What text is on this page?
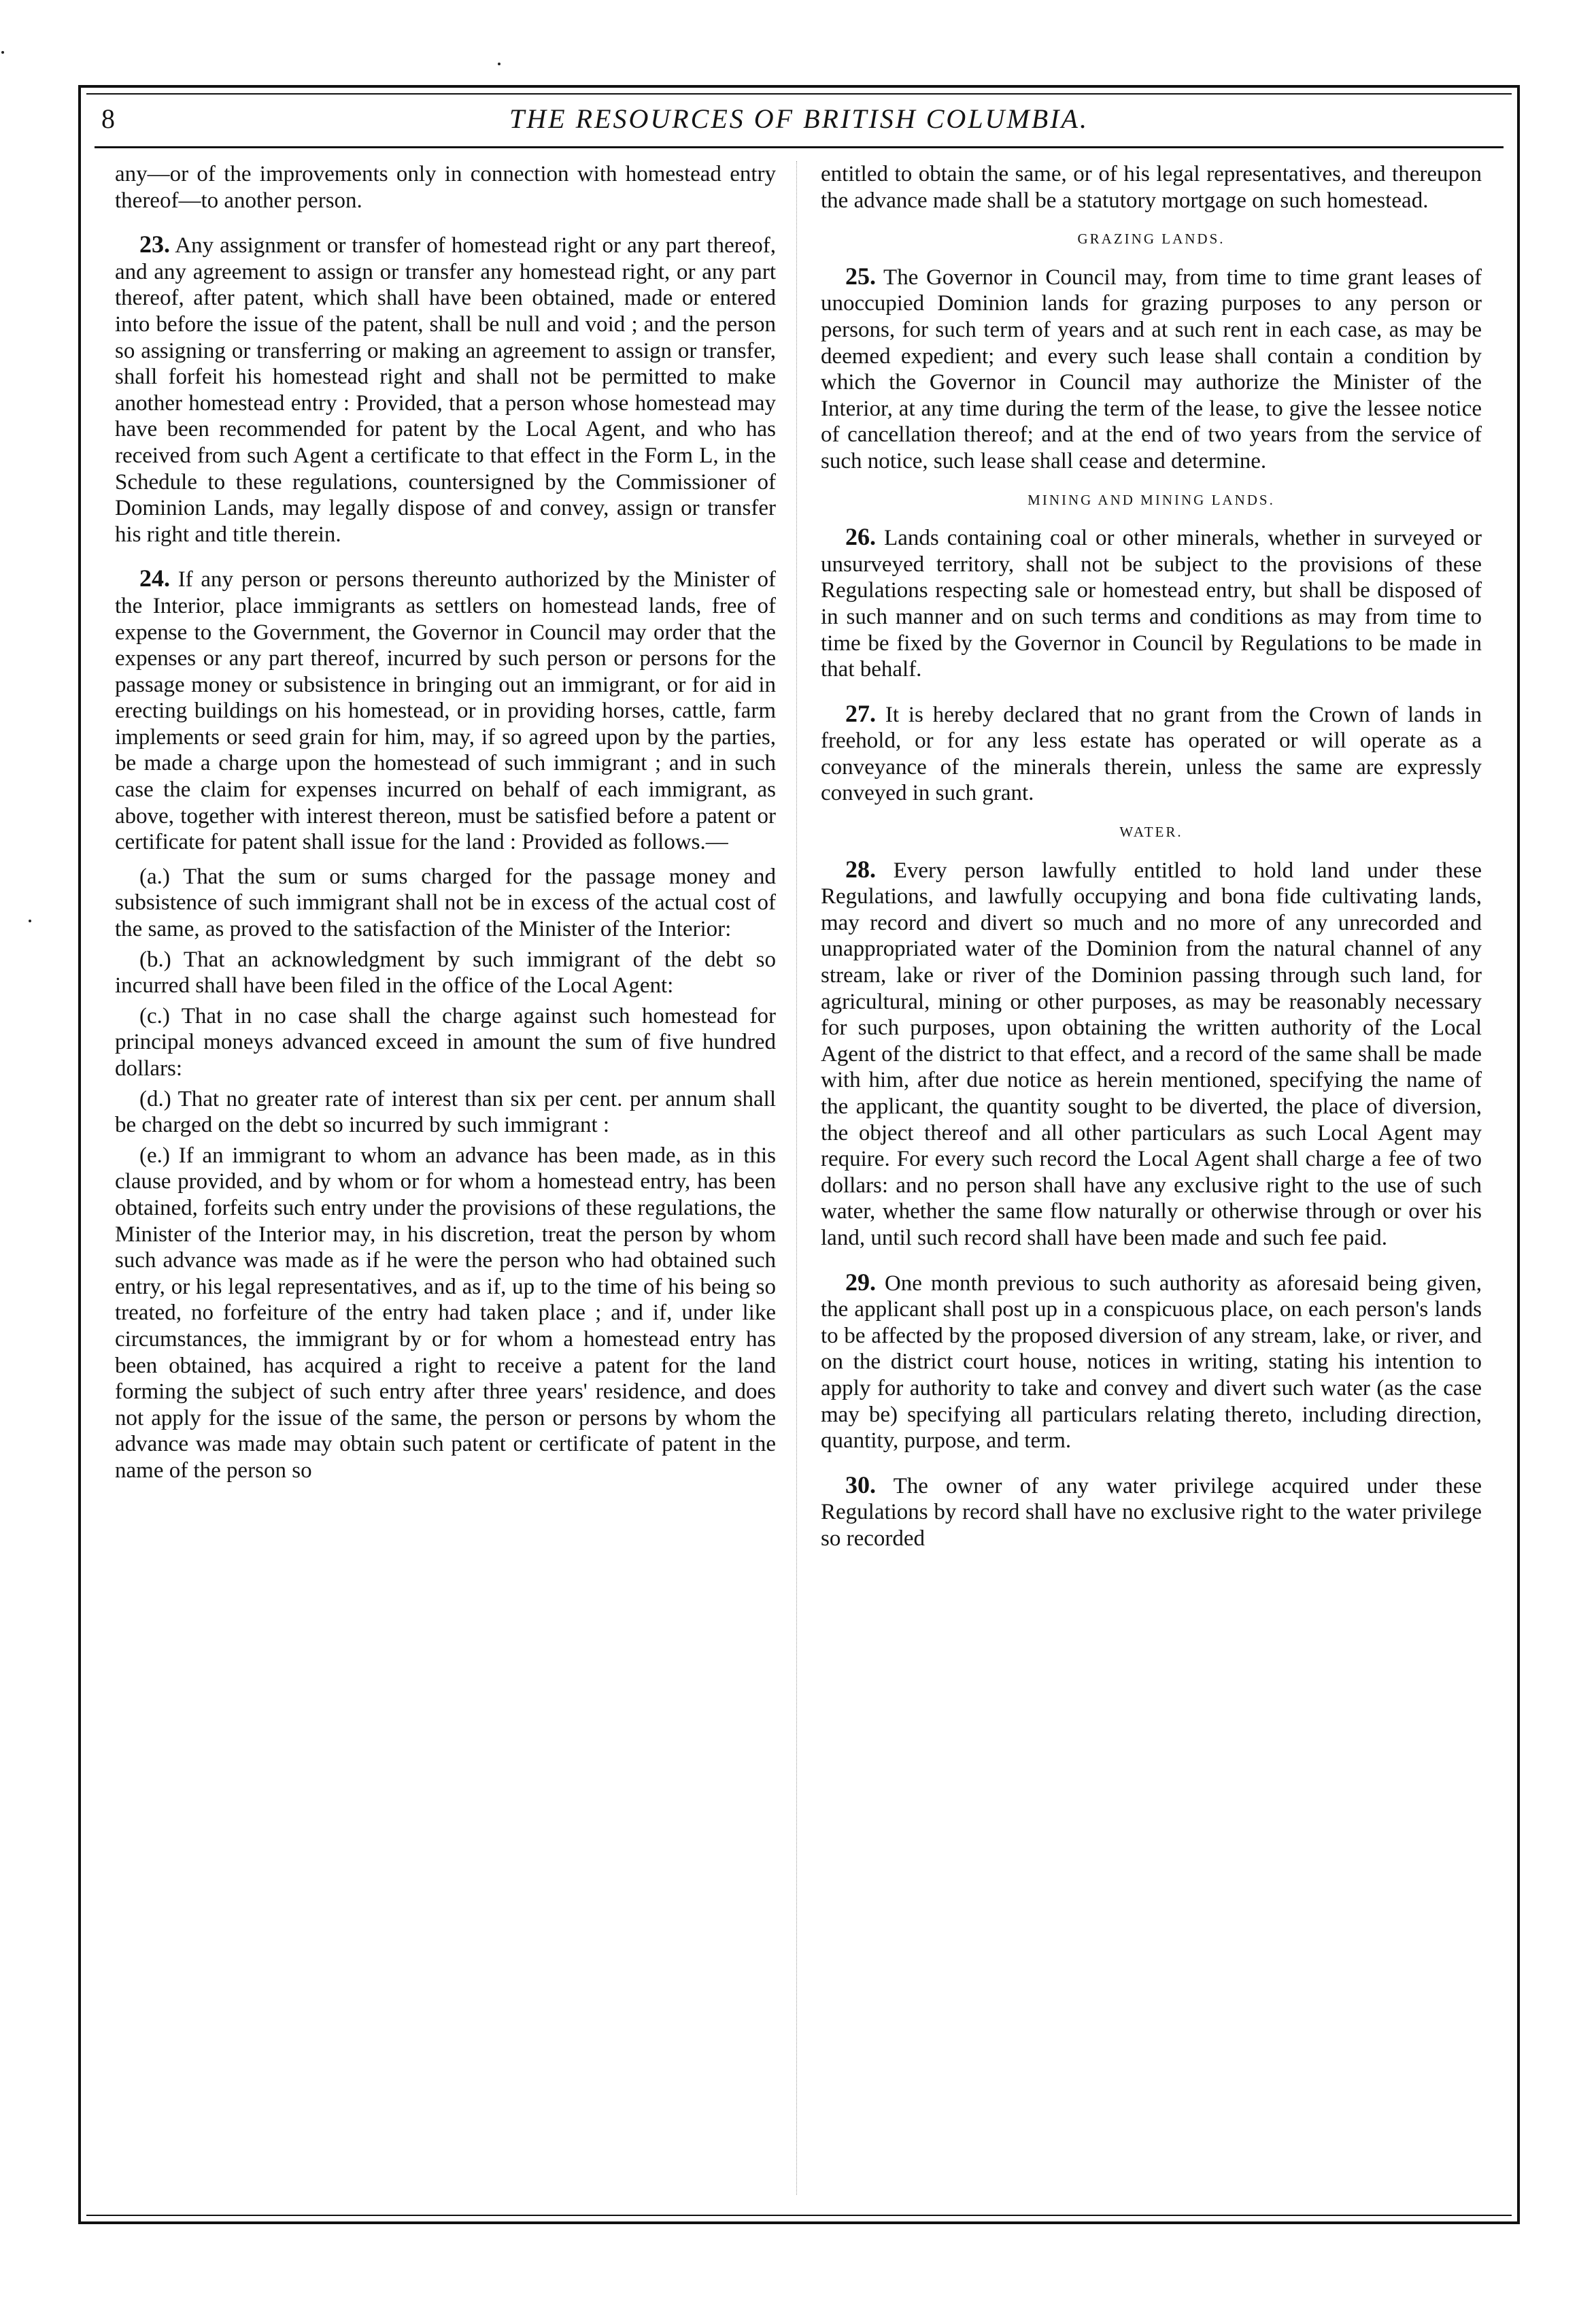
8	THE RESOURCES OF BRITISH COLUMBIA.

any—or of the improvements only in connection with homestead entry thereof—to another person.

23. Any assignment or transfer of homestead right or any part thereof, and any agreement to assign or transfer any homestead right, or any part thereof, after patent, which shall have been obtained, made or entered into before the issue of the patent, shall be null and void ; and the person so assigning or transferring or making an agreement to assign or transfer, shall forfeit his homestead right and shall not be permitted to make another homestead entry : Provided, that a person whose homestead may have been recommended for patent by the Local Agent, and who has received from such Agent a certificate to that effect in the Form L, in the Schedule to these regulations, countersigned by the Commissioner of Dominion Lands, may legally dispose of and convey, assign or transfer his right and title therein.

24. If any person or persons thereunto authorized by the Minister of the Interior, place immigrants as settlers on homestead lands, free of expense to the Government, the Governor in Council may order that the expenses or any part thereof, incurred by such person or persons for the passage money or subsistence in bringing out an immigrant, or for aid in erecting buildings on his homestead, or in providing horses, cattle, farm implements or seed grain for him, may, if so agreed upon by the parties, be made a charge upon the homestead of such immigrant ; and in such case the claim for expenses incurred on behalf of each immigrant, as above, together with interest thereon, must be satisfied before a patent or certificate for patent shall issue for the land : Provided as follows.—

(a.) That the sum or sums charged for the passage money and subsistence of such immigrant shall not be in excess of the actual cost of the same, as proved to the satisfaction of the Minister of the Interior:

(b.) That an acknowledgment by such immigrant of the debt so incurred shall have been filed in the office of the Local Agent:

(c.) That in no case shall the charge against such homestead for principal moneys advanced exceed in amount the sum of five hundred dollars:

(d.) That no greater rate of interest than six per cent. per annum shall be charged on the debt so incurred by such immigrant :

(e.) If an immigrant to whom an advance has been made, as in this clause provided, and by whom or for whom a homestead entry, has been obtained, forfeits such entry under the provisions of these regulations, the Minister of the Interior may, in his discretion, treat the person by whom such advance was made as if he were the person who had obtained such entry, or his legal representatives, and as if, up to the time of his being so treated, no forfeiture of the entry had taken place ; and if, under like circumstances, the immigrant by or for whom a homestead entry has been obtained, has acquired a right to receive a patent for the land forming the subject of such entry after three years' residence, and does not apply for the issue of the same, the person or persons by whom the advance was made may obtain such patent or certificate of patent in the name of the person so

entitled to obtain the same, or of his legal representatives, and thereupon the advance made shall be a statutory mortgage on such homestead.

GRAZING LANDS.

25. The Governor in Council may, from time to time grant leases of unoccupied Dominion lands for grazing purposes to any person or persons, for such term of years and at such rent in each case, as may be deemed expedient; and every such lease shall contain a condition by which the Governor in Council may authorize the Minister of the Interior, at any time during the term of the lease, to give the lessee notice of cancellation thereof; and at the end of two years from the service of such notice, such lease shall cease and determine.

MINING AND MINING LANDS.

26. Lands containing coal or other minerals, whether in surveyed or unsurveyed territory, shall not be subject to the provisions of these Regulations respecting sale or homestead entry, but shall be disposed of in such manner and on such terms and conditions as may from time to time be fixed by the Governor in Council by Regulations to be made in that behalf.

27. It is hereby declared that no grant from the Crown of lands in freehold, or for any less estate has operated or will operate as a conveyance of the minerals therein, unless the same are expressly conveyed in such grant.

WATER.

28. Every person lawfully entitled to hold land under these Regulations, and lawfully occupying and bona fide cultivating lands, may record and divert so much and no more of any unrecorded and unappropriated water of the Dominion from the natural channel of any stream, lake or river of the Dominion passing through such land, for agricultural, mining or other purposes, as may be reasonably necessary for such purposes, upon obtaining the written authority of the Local Agent of the district to that effect, and a record of the same shall be made with him, after due notice as herein mentioned, specifying the name of the applicant, the quantity sought to be diverted, the place of diversion, the object thereof and all other particulars as such Local Agent may require. For every such record the Local Agent shall charge a fee of two dollars: and no person shall have any exclusive right to the use of such water, whether the same flow naturally or otherwise through or over his land, until such record shall have been made and such fee paid.

29. One month previous to such authority as aforesaid being given, the applicant shall post up in a conspicuous place, on each person's lands to be affected by the proposed diversion of any stream, lake, or river, and on the district court house, notices in writing, stating his intention to apply for authority to take and convey and divert such water (as the case may be) specifying all particulars relating thereto, including direction, quantity, purpose, and term.

30. The owner of any water privilege acquired under these Regulations by record shall have no exclusive right to the water privilege so recorded
